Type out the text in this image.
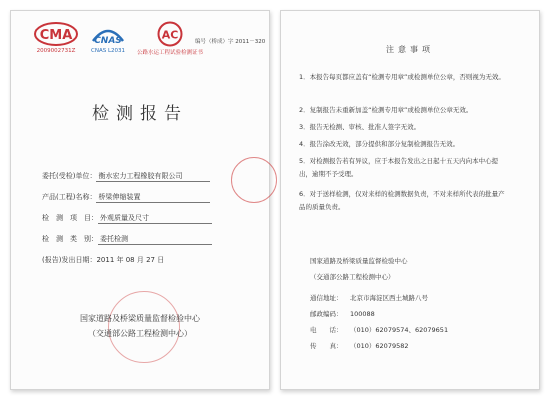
CMA
2009002731Z
CNAS
CNAS L2031
AC
公路水运工程试验检测证书
编号（桥成）字 2011－320
检测报告
委托(受检)单位： 衡水宏力工程橡胶有限公司
产品(工程)名称： 桥梁伸缩装置
检　测　项　目： 外观质量及尺寸
检　测　类　别： 委托检测
(报告)发出日期：2011 年 08 月 27 日
国家道路及桥梁质量监督检验中心
（交通部公路工程检测中心）
注意事项
1．本报告每页都应盖有“检测专用章”或检测单位公章，否则视为无效。
2．复制报告未重新加盖“检测专用章”或检测单位公章无效。
3．报告无检测、审核、批准人签字无效。
4．报告涂改无效，部分提供和部分复制检测报告无效。
5．对检测报告若有异议，应于本报告发出之日起十五天内向本中心提出，逾期不予受理。
6．对于送样检测，仅对来样的检测数据负责，不对来样所代表的批量产品的质量负责。
国家道路及桥梁质量监督检验中心
（交通部公路工程检测中心）
通信地址： 北京市海淀区西土城路八号
邮政编码： 100088
电　　话： （010）62079574、62079651
传　　真： （010）62079582
